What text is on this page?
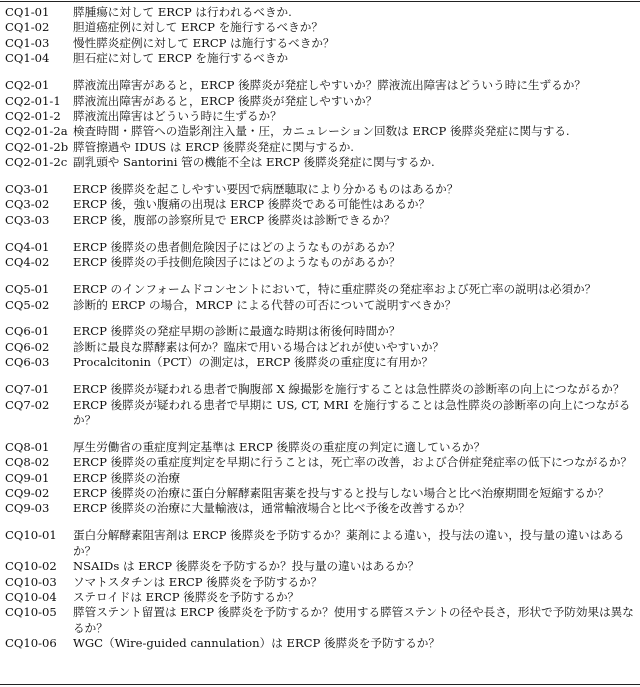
CQ1-01	膵腫瘍に対して ERCP は行われるべきか.
CQ1-02	胆道癌症例に対して ERCP を施行するべきか？
CQ1-03	慢性膵炎症例に対して ERCP は施行するべきか？
CQ1-04	胆石症に対して ERCP を施行するべきか
CQ2-01	膵液流出障害があると，ERCP 後膵炎が発症しやすいか？膵液流出障害はどういう時に生ずるか？
CQ2-01-1	膵液流出障害があると，ERCP 後膵炎が発症しやすいか？
CQ2-01-2	膵液流出障害はどういう時に生ずるか？
CQ2-01-2a 検査時間・膵管への造影剤注入量・圧，カニュレーション回数は ERCP 後膵炎発症に関与する.
CQ2-01-2b 膵管擦過や IDUS は ERCP 後膵炎発症に関与するか.
CQ2-01-2c 副乳頭や Santorini 管の機能不全は ERCP 後膵炎発症に関与するか.
CQ3-01	ERCP 後膵炎を起こしやすい要因で病歴聴取により分かるものはあるか？
CQ3-02	ERCP 後，強い腹痛の出現は ERCP 後膵炎である可能性はあるか？
CQ3-03	ERCP 後，腹部の診察所見で ERCP 後膵炎は診断できるか？
CQ4-01	ERCP 後膵炎の患者側危険因子にはどのようなものがあるか？
CQ4-02	ERCP 後膵炎の手技側危険因子にはどのようなものがあるか？
CQ5-01	ERCP のインフォームドコンセントにおいて，特に重症膵炎の発症率および死亡率の説明は必須か？
CQ5-02	診断的 ERCP の場合，MRCP による代替の可否について説明すべきか？
CQ6-01	ERCP 後膵炎の発症早期の診断に最適な時期は術後何時間か？
CQ6-02	診断に最良な膵酵素は何か？臨床で用いる場合はどれが使いやすいか？
CQ6-03	Procalcitonin（PCT）の測定は，ERCP 後膵炎の重症度に有用か？
CQ7-01	ERCP 後膵炎が疑われる患者で胸腹部 X 線撮影を施行することは急性膵炎の診断率の向上につながるか？
CQ7-02	ERCP 後膵炎が疑われる患者で早期に US, CT, MRI を施行することは急性膵炎の診断率の向上につながるか？
CQ8-01	厚生労働省の重症度判定基準は ERCP 後膵炎の重症度の判定に適しているか？
CQ8-02	ERCP 後膵炎の重症度判定を早期に行うことは，死亡率の改善，および合併症発症率の低下につながるか？
CQ9-01	ERCP 後膵炎の治療
CQ9-02	ERCP 後膵炎の治療に蛋白分解酵素阻害薬を投与すると投与しない場合と比べ治療期間を短縮するか？
CQ9-03	ERCP 後膵炎の治療に大量輸液は，通常輸液場合と比べ予後を改善するか？
CQ10-01	蛋白分解酵素阻害剤は ERCP 後膵炎を予防するか？薬剤による違い，投与法の違い，投与量の違いはあるか？
CQ10-02	NSAIDs は ERCP 後膵炎を予防するか？投与量の違いはあるか？
CQ10-03	ソマトスタチンは ERCP 後膵炎を予防するか？
CQ10-04	ステロイドは ERCP 後膵炎を予防するか？
CQ10-05	膵管ステント留置は ERCP 後膵炎を予防するか？使用する膵管ステントの径や長さ，形状で予防効果は異なるか？
CQ10-06	WGC（Wire-guided cannulation）は ERCP 後膵炎を予防するか？
